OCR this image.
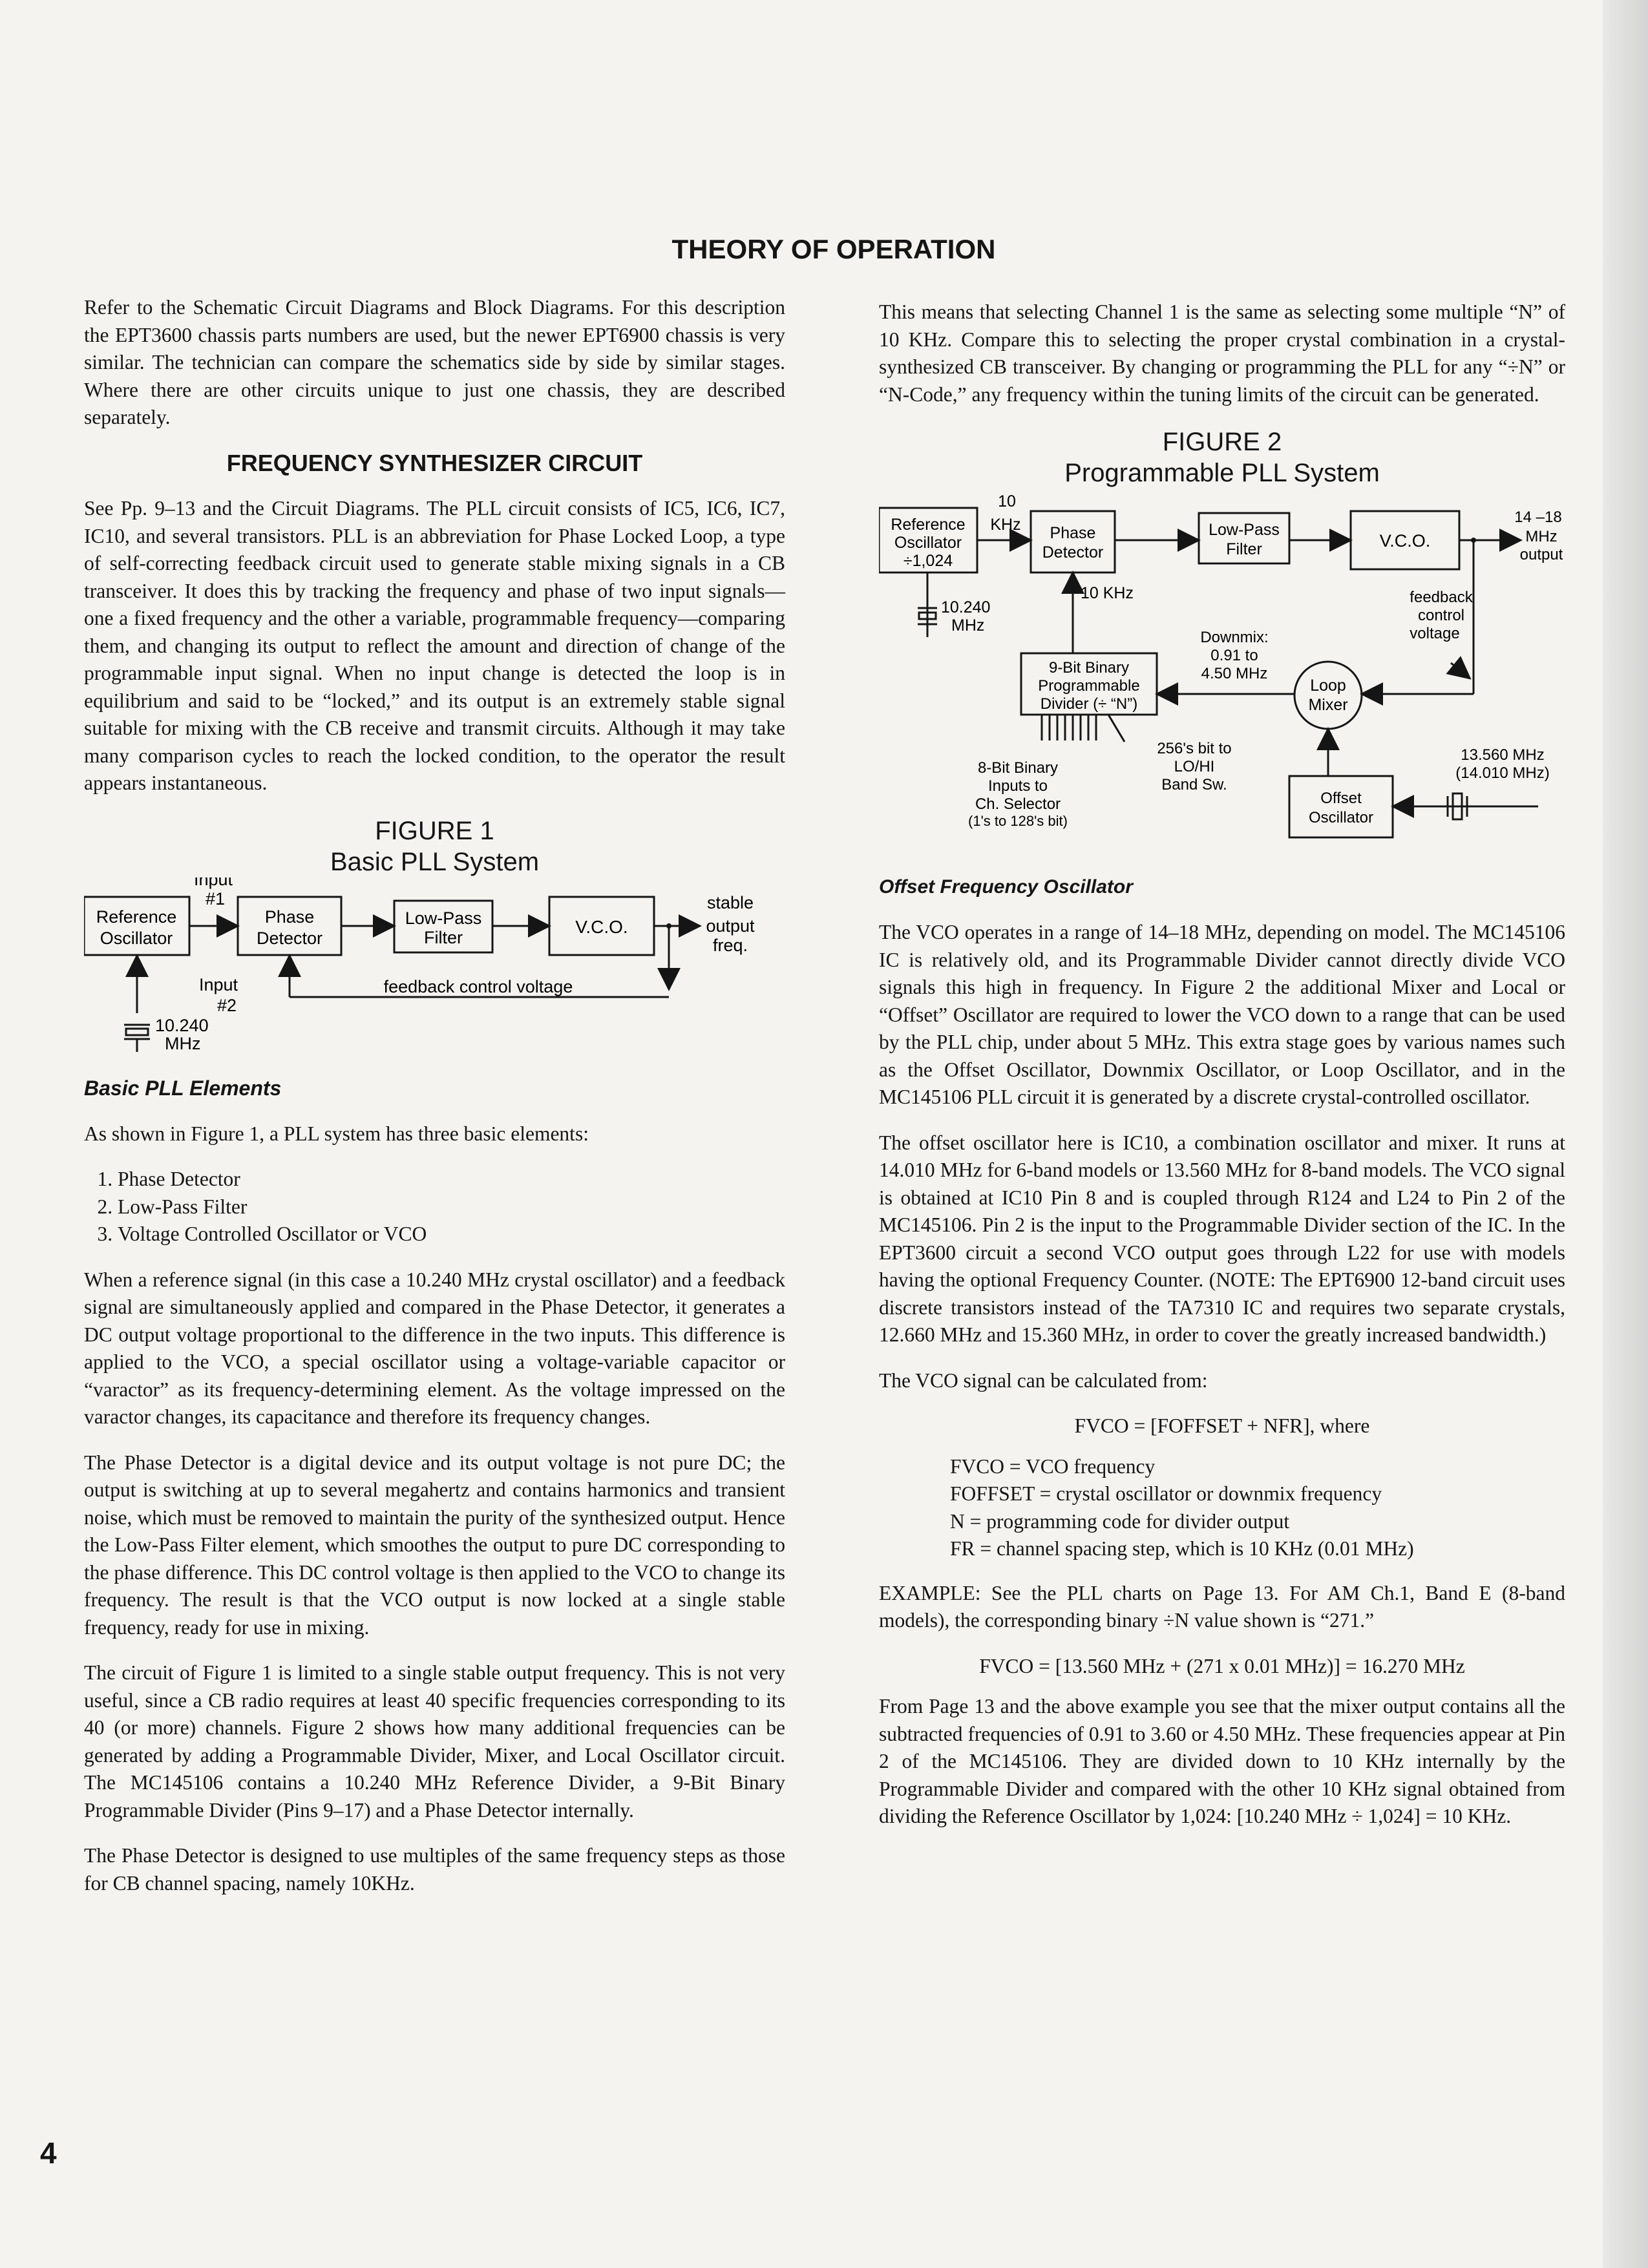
THEORY OF OPERATION

Refer to the Schematic Circuit Diagrams and Block Diagrams. For this description the EPT3600 chassis parts numbers are used, but the newer EPT6900 chassis is very similar. The technician can compare the schematics side by side by similar stages. Where there are other circuits unique to just one chassis, they are described separately.

FREQUENCY SYNTHESIZER CIRCUIT

See Pp. 9–13 and the Circuit Diagrams. The PLL circuit consists of IC5, IC6, IC7, IC10, and several transistors. PLL is an abbreviation for Phase Locked Loop, a type of self-correcting feedback circuit used to generate stable mixing signals in a CB transceiver. It does this by tracking the frequency and phase of two input signals—one a fixed frequency and the other a variable, programmable frequency—comparing them, and changing its output to reflect the amount and direction of change of the programmable input signal. When no input change is detected the loop is in equilibrium and said to be “locked,” and its output is an extremely stable signal suitable for mixing with the CB receive and transmit circuits. Although it may take many comparison cycles to reach the locked condition, to the operator the result appears instantaneous.

FIGURE 1
Basic PLL System
Reference
Oscillator
Input
#1
Phase
Detector
Low-Pass
Filter
V.C.O.
stable
output
freq.
Input
#2
feedback control voltage
10.240
MHz

Basic PLL Elements

As shown in Figure 1, a PLL system has three basic elements:

1. Phase Detector
2. Low-Pass Filter
3. Voltage Controlled Oscillator or VCO

When a reference signal (in this case a 10.240 MHz crystal oscillator) and a feedback signal are simultaneously applied and compared in the Phase Detector, it generates a DC output voltage proportional to the difference in the two inputs. This difference is applied to the VCO, a special oscillator using a voltage-variable capacitor or “varactor” as its frequency-determining element. As the voltage impressed on the varactor changes, its capacitance and therefore its frequency changes.

The Phase Detector is a digital device and its output voltage is not pure DC; the output is switching at up to several megahertz and contains harmonics and transient noise, which must be removed to maintain the purity of the synthesized output. Hence the Low-Pass Filter element, which smoothes the output to pure DC corresponding to the phase difference. This DC control voltage is then applied to the VCO to change its frequency. The result is that the VCO output is now locked at a single stable frequency, ready for use in mixing.

The circuit of Figure 1 is limited to a single stable output frequency. This is not very useful, since a CB radio requires at least 40 specific frequencies corresponding to its 40 (or more) channels. Figure 2 shows how many additional frequencies can be generated by adding a Programmable Divider, Mixer, and Local Oscillator circuit. The MC145106 contains a 10.240 MHz Reference Divider, a 9-Bit Binary Programmable Divider (Pins 9–17) and a Phase Detector internally.

The Phase Detector is designed to use multiples of the same frequency steps as those for CB channel spacing, namely 10KHz.

This means that selecting Channel 1 is the same as selecting some multiple “N” of 10 KHz. Compare this to selecting the proper crystal combination in a crystal-synthesized CB transceiver. By changing or programming the PLL for any “÷N” or “N-Code,” any frequency within the tuning limits of the circuit can be generated.

FIGURE 2
Programmable PLL System
Reference
Oscillator
÷1,024
10
KHz Phase
Detector
Low-Pass
Filter	V.C.O.
14 –18
MHz
output
10.240
MHz
10 KHz	feedback
control
voltage
9-Bit Binary
Programmable
Divider (÷ “N”)
Downmix:
0.91 to
4.50 MHz
Loop
Mixer
256's bit to
LO/HI
Band Sw.
8-Bit Binary
Inputs to
Ch. Selector
(1's to 128's bit)
Offset
Oscillator
13.560 MHz
(14.010 MHz)

Offset Frequency Oscillator

The VCO operates in a range of 14–18 MHz, depending on model. The MC145106 IC is relatively old, and its Programmable Divider cannot directly divide VCO signals this high in frequency. In Figure 2 the additional Mixer and Local or “Offset” Oscillator are required to lower the VCO down to a range that can be used by the PLL chip, under about 5 MHz. This extra stage goes by various names such as the Offset Oscillator, Downmix Oscillator, or Loop Oscillator, and in the MC145106 PLL circuit it is generated by a discrete crystal-controlled oscillator.

The offset oscillator here is IC10, a combination oscillator and mixer. It runs at 14.010 MHz for 6-band models or 13.560 MHz for 8-band models. The VCO signal is obtained at IC10 Pin 8 and is coupled through R124 and L24 to Pin 2 of the MC145106. Pin 2 is the input to the Programmable Divider section of the IC. In the EPT3600 circuit a second VCO output goes through L22 for use with models having the optional Frequency Counter. (NOTE: The EPT6900 12-band circuit uses discrete transistors instead of the TA7310 IC and requires two separate crystals, 12.660 MHz and 15.360 MHz, in order to cover the greatly increased bandwidth.)

The VCO signal can be calculated from:

FVCO = [FOFFSET + NFR], where
FVCO = VCO frequency
FOFFSET = crystal oscillator or downmix frequency
N = programming code for divider output
FR = channel spacing step, which is 10 KHz (0.01 MHz)

EXAMPLE: See the PLL charts on Page 13. For AM Ch.1, Band E (8-band models), the corresponding binary ÷N value shown is “271.”

FVCO = [13.560 MHz + (271 x 0.01 MHz)] = 16.270 MHz

From Page 13 and the above example you see that the mixer output contains all the subtracted frequencies of 0.91 to 3.60 or 4.50 MHz. These frequencies appear at Pin 2 of the MC145106. They are divided down to 10 KHz internally by the Programmable Divider and compared with the other 10 KHz signal obtained from dividing the Reference Oscillator by 1,024: [10.240 MHz ÷ 1,024] = 10 KHz.

4
